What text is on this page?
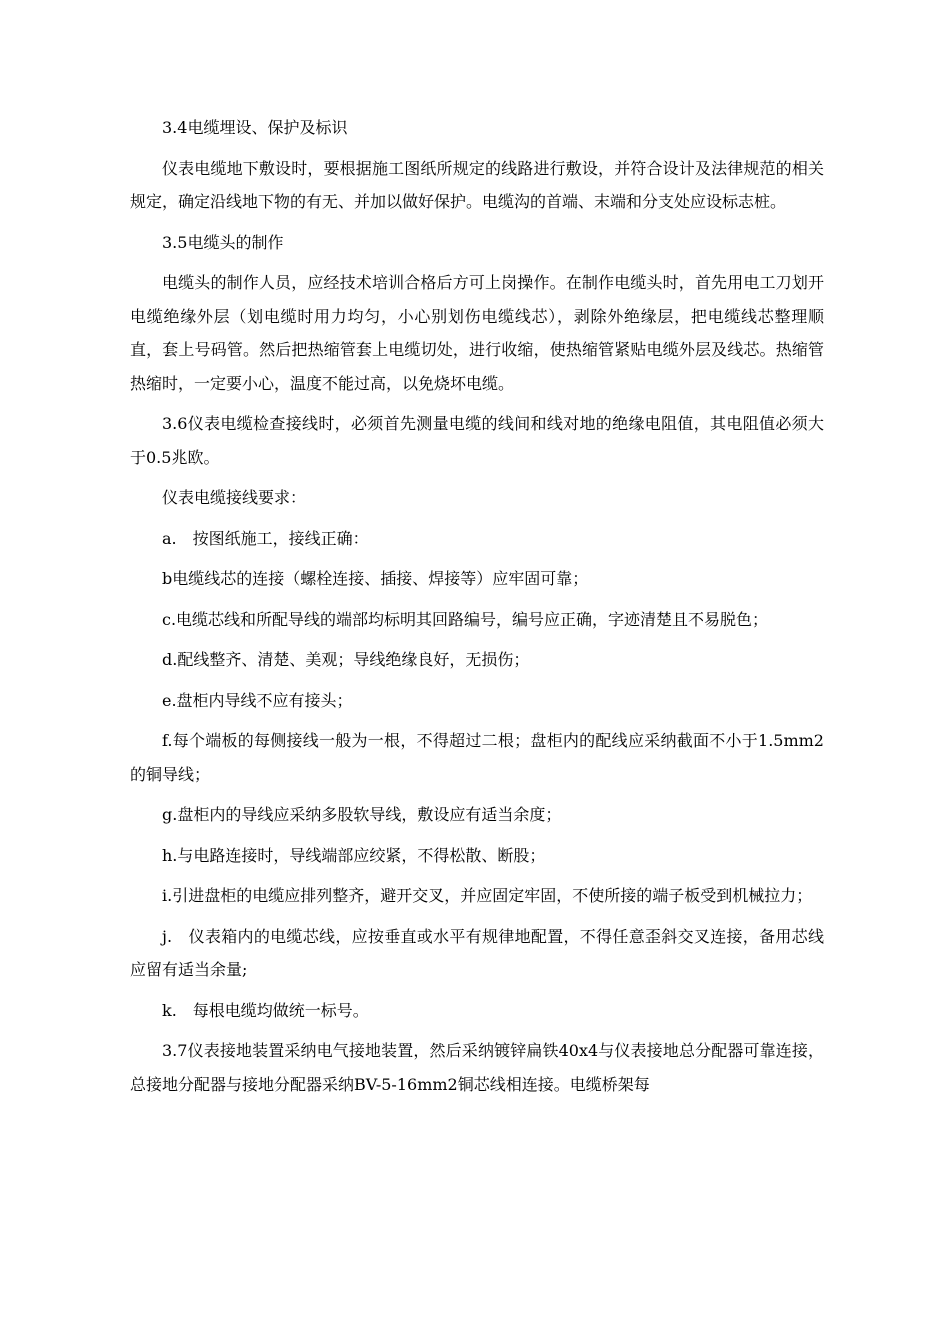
3.4电缆埋设、保护及标识

仪表电缆地下敷设时，要根据施工图纸所规定的线路进行敷设，并符合设计及法律规范的相关规定，确定沿线地下物的有无、并加以做好保护。电缆沟的首端、末端和分支处应设标志桩。

3.5电缆头的制作

电缆头的制作人员，应经技术培训合格后方可上岗操作。在制作电缆头时，首先用电工刀划开电缆绝缘外层（划电缆时用力均匀，小心别划伤电缆线芯），剥除外绝缘层，把电缆线芯整理顺直，套上号码管。然后把热缩管套上电缆切处，进行收缩，使热缩管紧贴电缆外层及线芯。热缩管热缩时，一定要小心，温度不能过高，以免烧坏电缆。

3.6仪表电缆检查接线时，必须首先测量电缆的线间和线对地的绝缘电阻值，其电阻值必须大于0.5兆欧。

仪表电缆接线要求：

a.　按图纸施工，接线正确：

b电缆线芯的连接（螺栓连接、插接、焊接等）应牢固可靠；

c.电缆芯线和所配导线的端部均标明其回路编号，编号应正确，字迹清楚且不易脱色；

d.配线整齐、清楚、美观；导线绝缘良好，无损伤；

e.盘柜内导线不应有接头；

f.每个端板的每侧接线一般为一根，不得超过二根；盘柜内的配线应采纳截面不小于1.5mm2的铜导线；

g.盘柜内的导线应采纳多股软导线，敷设应有适当余度；

h.与电路连接时，导线端部应绞紧，不得松散、断股；

i.引进盘柜的电缆应排列整齐，避开交叉，并应固定牢固，不使所接的端子板受到机械拉力；

j.　仪表箱内的电缆芯线，应按垂直或水平有规律地配置，不得任意歪斜交叉连接，备用芯线应留有适当余量;

k.　每根电缆均做统一标号。

3.7仪表接地装置采纳电气接地装置，然后采纳镀锌扁铁40x4与仪表接地总分配器可靠连接，总接地分配器与接地分配器采纳BV-5-16mm2铜芯线相连接。电缆桥架每
